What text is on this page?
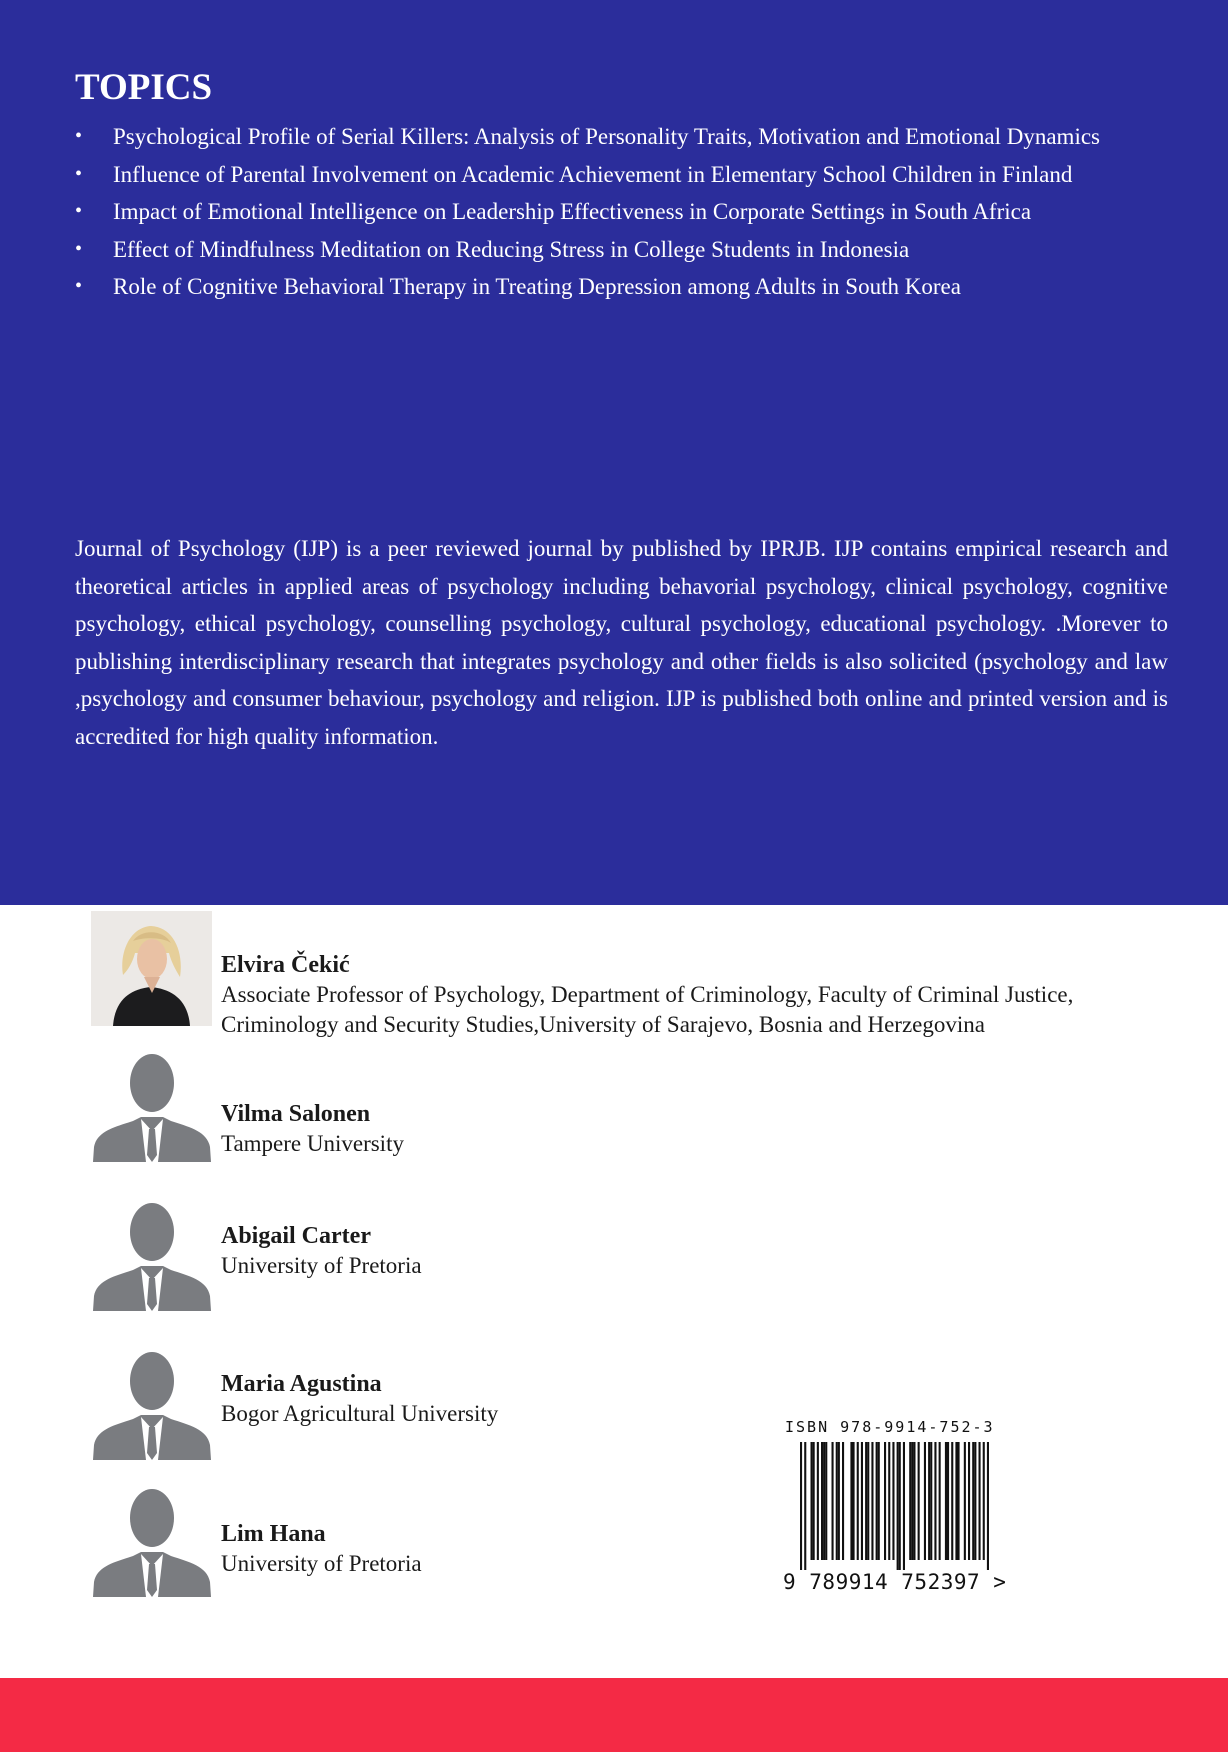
TOPICS
• Psychological Profile of Serial Killers: Analysis of Personality Traits, Motivation and Emotional Dynamics
• Influence of Parental Involvement on Academic Achievement in Elementary School Children in Finland
• Impact of Emotional Intelligence on Leadership Effectiveness in Corporate Settings in South Africa
• Effect of Mindfulness Meditation on Reducing Stress in College Students in Indonesia
• Role of Cognitive Behavioral Therapy in Treating Depression among Adults in South Korea

Journal of Psychology (IJP) is a peer reviewed journal by published by IPRJB. IJP contains empirical research and theoretical articles in applied areas of psychology including behavorial psychology, clinical psychology, cognitive psychology, ethical psychology, counselling psychology, cultural psychology, educational psychology. .Morever to publishing interdisciplinary research that integrates psychology and other fields is also solicited (psychology and law ,psychology and consumer behaviour, psychology and religion. IJP is published both online and printed version and is accredited for high quality information.

Elvira Čekić
Associate Professor of Psychology, Department of Criminology, Faculty of Criminal Justice, Criminology and Security Studies,University of Sarajevo, Bosnia and Herzegovina
Vilma Salonen
Tampere University
Abigail Carter
University of Pretoria
Maria Agustina
Bogor Agricultural University
Lim Hana
University of Pretoria
ISBN 978-9914-752-3
9 789914 752397 >
